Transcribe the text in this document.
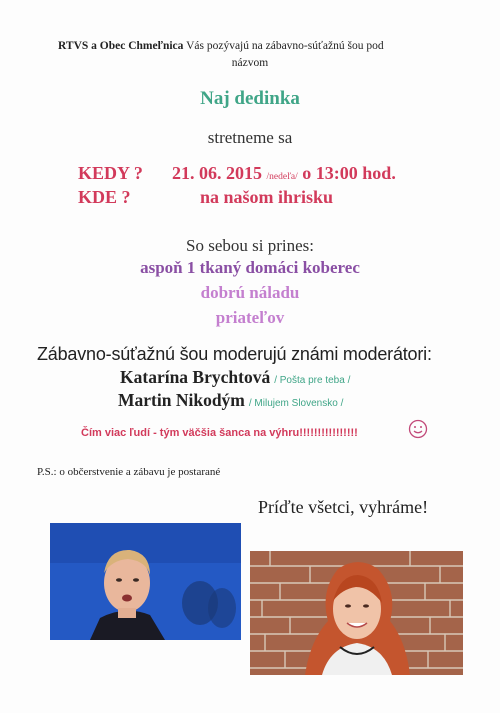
RTVS a Obec Chmeľnica Vás pozývajú na zábavno-súťažnú šou pod
názvom
Naj dedinka
stretneme sa
KEDY ? 21. 06. 2015 /nedeľa/ o 13:00 hod.
KDE ?	na našom ihrisku
So sebou si prines:
aspoň 1 tkaný domáci koberec
dobrú náladu
priateľov
Zábavno-súťažnú šou moderujú známi moderátori:
Katarína Brychtová / Pošta pre teba /
Martin Nikodým / Milujem Slovensko /
Čím viac ľudí - tým väčšia šanca na výhru!!!!!!!!!!!!!!!!
P.S.: o občerstvenie a zábavu je postarané
Príďte všetci, vyhráme!
